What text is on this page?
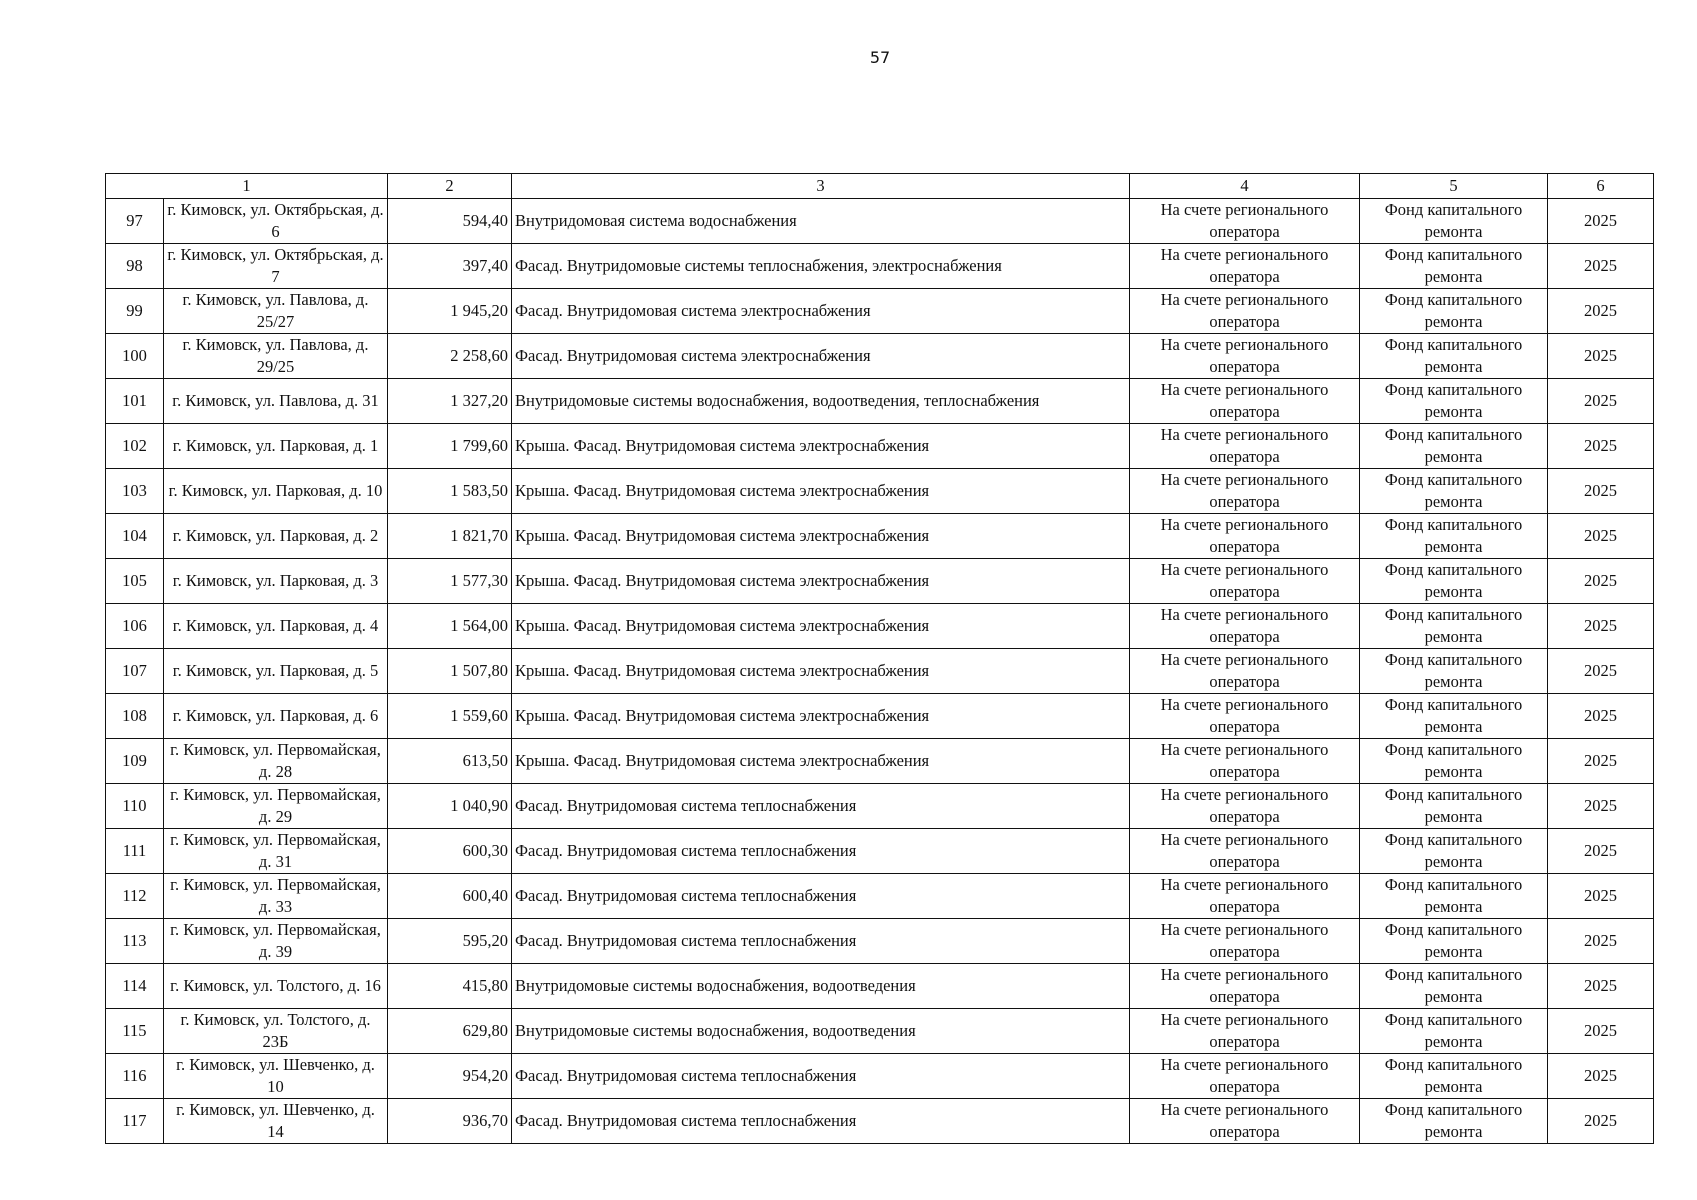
57
1		2	3	4	5	6
97	г. Кимовск, ул. Октябрьская, д. 6	594,40	Внутридомовая система водоснабжения	На счете регионального оператора	Фонд капитального ремонта	2025
98	г. Кимовск, ул. Октябрьская, д. 7	397,40	Фасад. Внутридомовые системы теплоснабжения, электроснабжения	На счете регионального оператора	Фонд капитального ремонта	2025
99	г. Кимовск, ул. Павлова, д. 25/27	1 945,20	Фасад. Внутридомовая система электроснабжения	На счете регионального оператора	Фонд капитального ремонта	2025
100	г. Кимовск, ул. Павлова, д. 29/25	2 258,60	Фасад. Внутридомовая система электроснабжения	На счете регионального оператора	Фонд капитального ремонта	2025
101	г. Кимовск, ул. Павлова, д. 31	1 327,20	Внутридомовые системы водоснабжения, водоотведения, теплоснабжения	На счете регионального оператора	Фонд капитального ремонта	2025
102	г. Кимовск, ул. Парковая, д. 1	1 799,60	Крыша. Фасад. Внутридомовая система электроснабжения	На счете регионального оператора	Фонд капитального ремонта	2025
103	г. Кимовск, ул. Парковая, д. 10	1 583,50	Крыша. Фасад. Внутридомовая система электроснабжения	На счете регионального оператора	Фонд капитального ремонта	2025
104	г. Кимовск, ул. Парковая, д. 2	1 821,70	Крыша. Фасад. Внутридомовая система электроснабжения	На счете регионального оператора	Фонд капитального ремонта	2025
105	г. Кимовск, ул. Парковая, д. 3	1 577,30	Крыша. Фасад. Внутридомовая система электроснабжения	На счете регионального оператора	Фонд капитального ремонта	2025
106	г. Кимовск, ул. Парковая, д. 4	1 564,00	Крыша. Фасад. Внутридомовая система электроснабжения	На счете регионального оператора	Фонд капитального ремонта	2025
107	г. Кимовск, ул. Парковая, д. 5	1 507,80	Крыша. Фасад. Внутридомовая система электроснабжения	На счете регионального оператора	Фонд капитального ремонта	2025
108	г. Кимовск, ул. Парковая, д. 6	1 559,60	Крыша. Фасад. Внутридомовая система электроснабжения	На счете регионального оператора	Фонд капитального ремонта	2025
109	г. Кимовск, ул. Первомайская, д. 28	613,50	Крыша. Фасад. Внутридомовая система электроснабжения	На счете регионального оператора	Фонд капитального ремонта	2025
110	г. Кимовск, ул. Первомайская, д. 29	1 040,90	Фасад. Внутридомовая система теплоснабжения	На счете регионального оператора	Фонд капитального ремонта	2025
111	г. Кимовск, ул. Первомайская, д. 31	600,30	Фасад. Внутридомовая система теплоснабжения	На счете регионального оператора	Фонд капитального ремонта	2025
112	г. Кимовск, ул. Первомайская, д. 33	600,40	Фасад. Внутридомовая система теплоснабжения	На счете регионального оператора	Фонд капитального ремонта	2025
113	г. Кимовск, ул. Первомайская, д. 39	595,20	Фасад. Внутридомовая система теплоснабжения	На счете регионального оператора	Фонд капитального ремонта	2025
114	г. Кимовск, ул. Толстого, д. 16	415,80	Внутридомовые системы водоснабжения, водоотведения	На счете регионального оператора	Фонд капитального ремонта	2025
115	г. Кимовск, ул. Толстого, д. 23Б	629,80	Внутридомовые системы водоснабжения, водоотведения	На счете регионального оператора	Фонд капитального ремонта	2025
116	г. Кимовск, ул. Шевченко, д. 10	954,20	Фасад. Внутридомовая система теплоснабжения	На счете регионального оператора	Фонд капитального ремонта	2025
117	г. Кимовск, ул. Шевченко, д. 14	936,70	Фасад. Внутридомовая система теплоснабжения	На счете регионального оператора	Фонд капитального ремонта	2025
